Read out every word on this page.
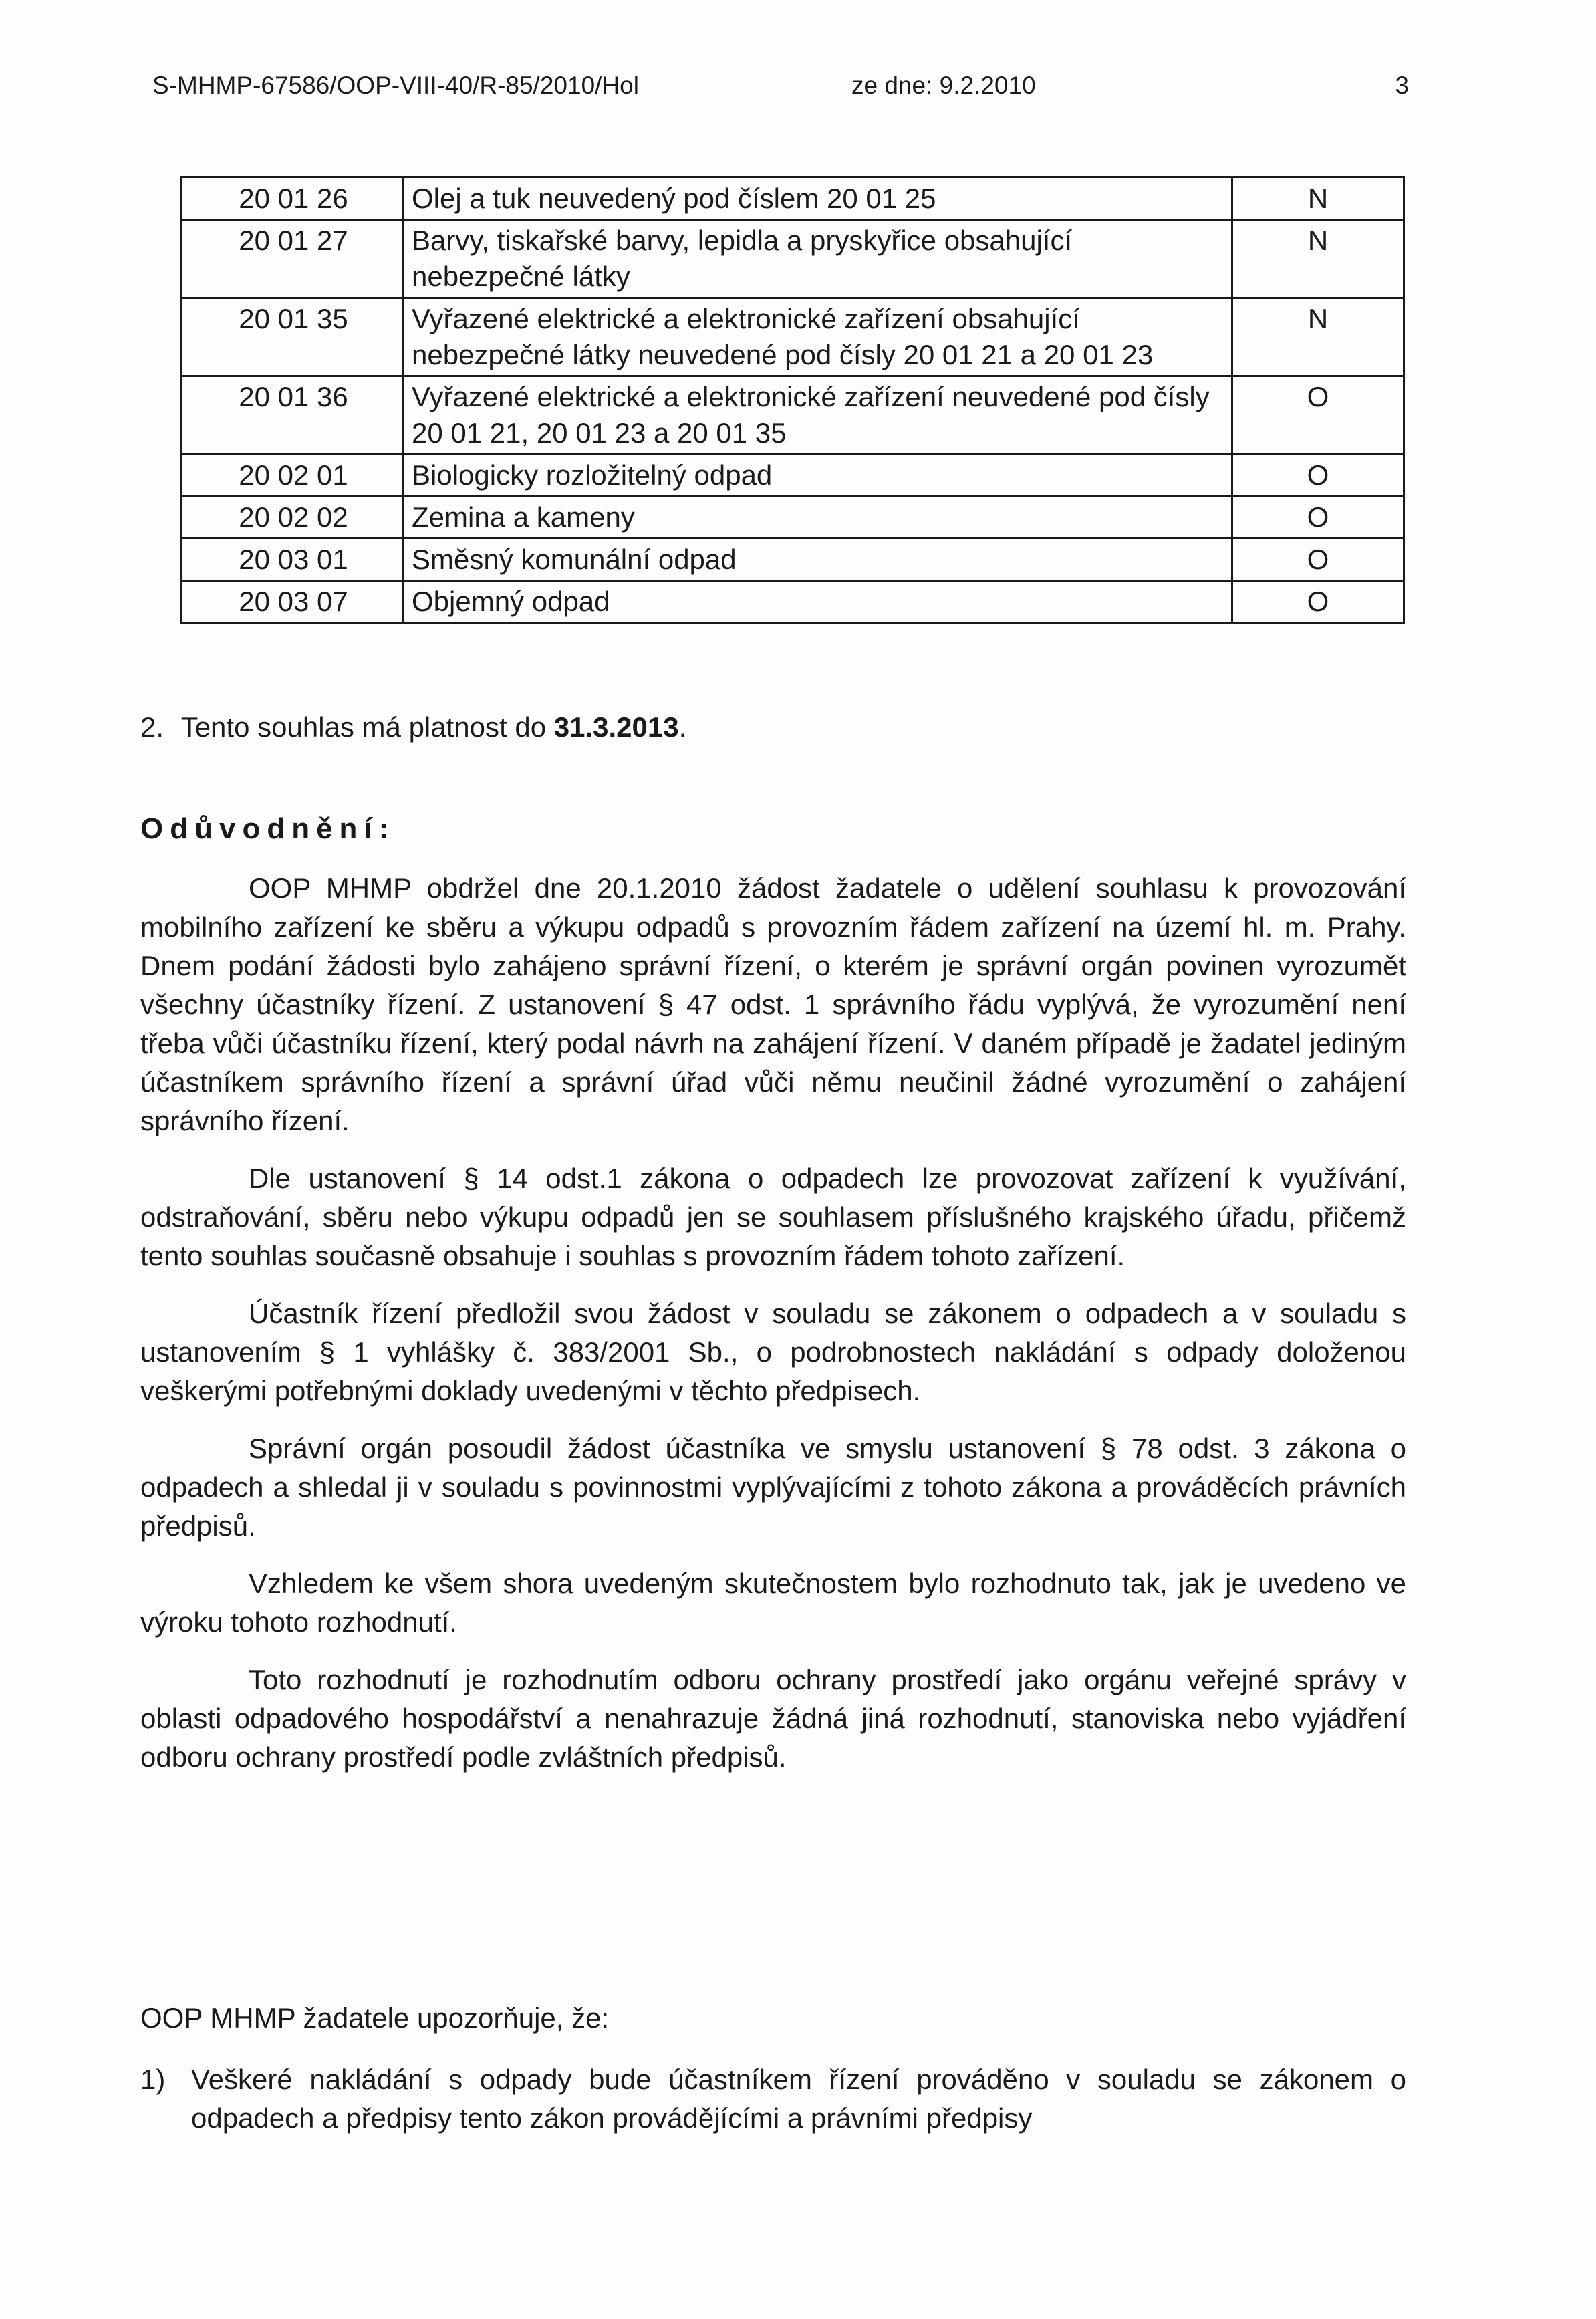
S-MHMP-67586/OOP-VIII-40/R-85/2010/Hol	ze dne: 9.2.2010	3
20 01 26	Olej a tuk neuvedený pod číslem 20 01 25	N
20 01 27	Barvy, tiskařské barvy, lepidla a pryskyřice obsahující nebezpečné látky	N
20 01 35	Vyřazené elektrické a elektronické zařízení obsahující nebezpečné látky neuvedené pod čísly 20 01 21 a 20 01 23	N
20 01 36	Vyřazené elektrické a elektronické zařízení neuvedené pod čísly 20 01 21, 20 01 23 a 20 01 35	O
20 02 01	Biologicky rozložitelný odpad	O
20 02 02	Zemina a kameny	O
20 03 01	Směsný komunální odpad	O
20 03 07	Objemný odpad	O
2. Tento souhlas má platnost do 31.3.2013.
Odůvodnění:

OOP MHMP obdržel dne 20.1.2010 žádost žadatele o udělení souhlasu k provozování mobilního zařízení ke sběru a výkupu odpadů s provozním řádem zařízení na území hl. m. Prahy. Dnem podání žádosti bylo zahájeno správní řízení, o kterém je správní orgán povinen vyrozumět všechny účastníky řízení. Z ustanovení § 47 odst. 1 správního řádu vyplývá, že vyrozumění není třeba vůči účastníku řízení, který podal návrh na zahájení řízení. V daném případě je žadatel jediným účastníkem správního řízení a správní úřad vůči němu neučinil žádné vyrozumění o zahájení správního řízení.

Dle ustanovení § 14 odst.1 zákona o odpadech lze provozovat zařízení k využívání, odstraňování, sběru nebo výkupu odpadů jen se souhlasem příslušného krajského úřadu, přičemž tento souhlas současně obsahuje i souhlas s provozním řádem tohoto zařízení.

Účastník řízení předložil svou žádost v souladu se zákonem o odpadech a v souladu s ustanovením § 1 vyhlášky č. 383/2001 Sb., o podrobnostech nakládání s odpady doloženou veškerými potřebnými doklady uvedenými v těchto předpisech.

Správní orgán posoudil žádost účastníka ve smyslu ustanovení § 78 odst. 3 zákona o odpadech a shledal ji v souladu s povinnostmi vyplývajícími z tohoto zákona a prováděcích právních předpisů.

Vzhledem ke všem shora uvedeným skutečnostem bylo rozhodnuto tak, jak je uvedeno ve výroku tohoto rozhodnutí.

Toto rozhodnutí je rozhodnutím odboru ochrany prostředí jako orgánu veřejné správy v oblasti odpadového hospodářství a nenahrazuje žádná jiná rozhodnutí, stanoviska nebo vyjádření odboru ochrany prostředí podle zvláštních předpisů.

OOP MHMP žadatele upozorňuje, že:
1) Veškeré nakládání s odpady bude účastníkem řízení prováděno v souladu se zákonem o odpadech a předpisy tento zákon provádějícími a právními předpisy
